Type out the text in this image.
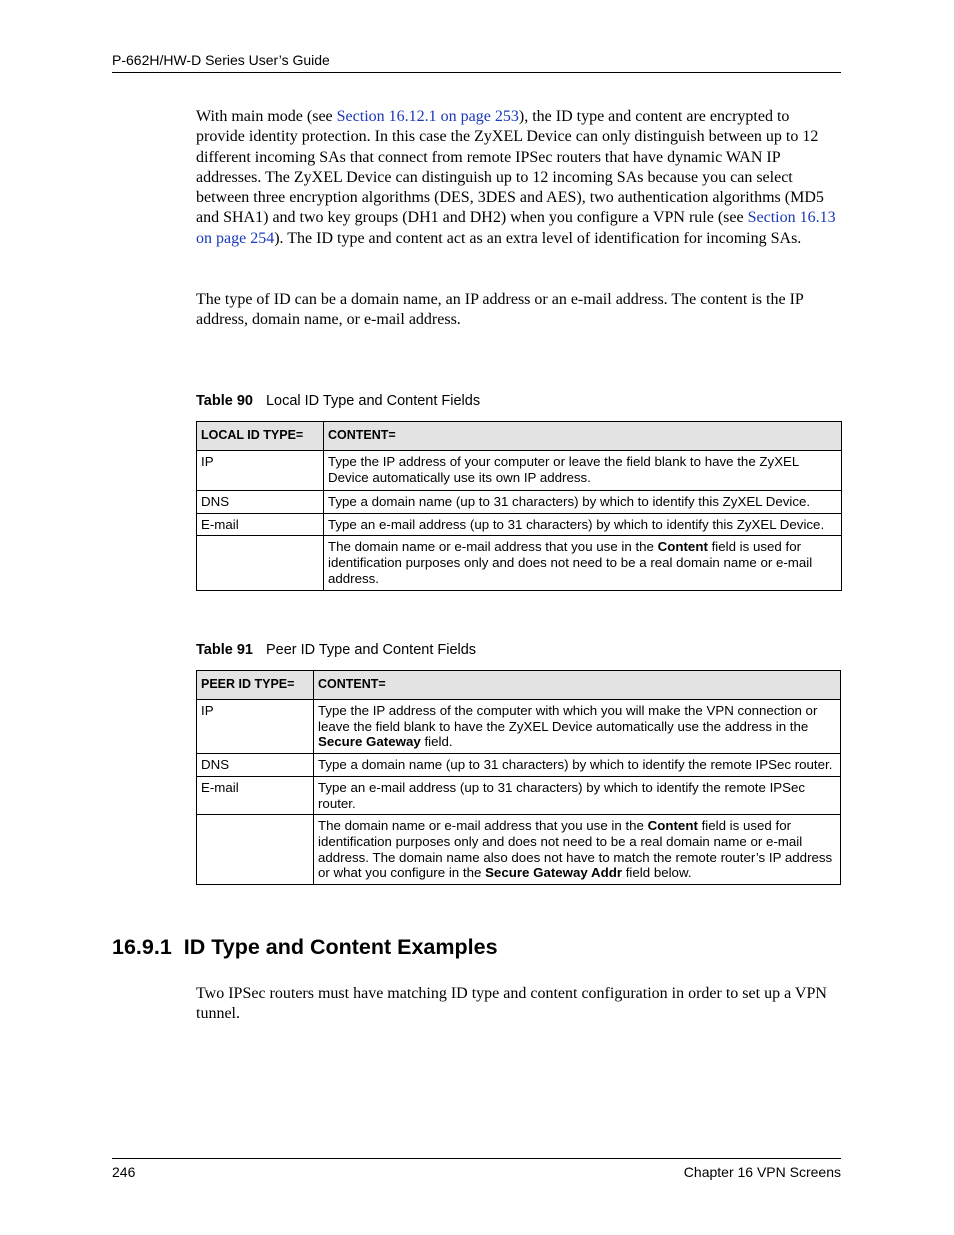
P-662H/HW-D Series User’s Guide

With main mode (see Section 16.12.1 on page 253), the ID type and content are encrypted to provide identity protection. In this case the ZyXEL Device can only distinguish between up to 12 different incoming SAs that connect from remote IPSec routers that have dynamic WAN IP addresses. The ZyXEL Device can distinguish up to 12 incoming SAs because you can select between three encryption algorithms (DES, 3DES and AES), two authentication algorithms (MD5 and SHA1) and two key groups (DH1 and DH2) when you configure a VPN rule (see Section 16.13 on page 254). The ID type and content act as an extra level of identification for incoming SAs.

The type of ID can be a domain name, an IP address or an e-mail address. The content is the IP address, domain name, or e-mail address.

Table 90 Local ID Type and Content Fields
LOCAL ID TYPE=	CONTENT=
IP	Type the IP address of your computer or leave the field blank to have the ZyXEL Device automatically use its own IP address.
DNS	Type a domain name (up to 31 characters) by which to identify this ZyXEL Device.
E-mail	Type an e-mail address (up to 31 characters) by which to identify this ZyXEL Device.
	The domain name or e-mail address that you use in the Content field is used for identification purposes only and does not need to be a real domain name or e-mail address.
Table 91 Peer ID Type and Content Fields
PEER ID TYPE=	CONTENT=
IP	Type the IP address of the computer with which you will make the VPN connection or leave the field blank to have the ZyXEL Device automatically use the address in the Secure Gateway field.
DNS	Type a domain name (up to 31 characters) by which to identify the remote IPSec router.
E-mail	Type an e-mail address (up to 31 characters) by which to identify the remote IPSec router.
	The domain name or e-mail address that you use in the Content field is used for identification purposes only and does not need to be a real domain name or e-mail address. The domain name also does not have to match the remote router’s IP address or what you configure in the Secure Gateway Addr field below.
16.9.1  ID Type and Content Examples

Two IPSec routers must have matching ID type and content configuration in order to set up a VPN tunnel.

246	Chapter 16 VPN Screens
